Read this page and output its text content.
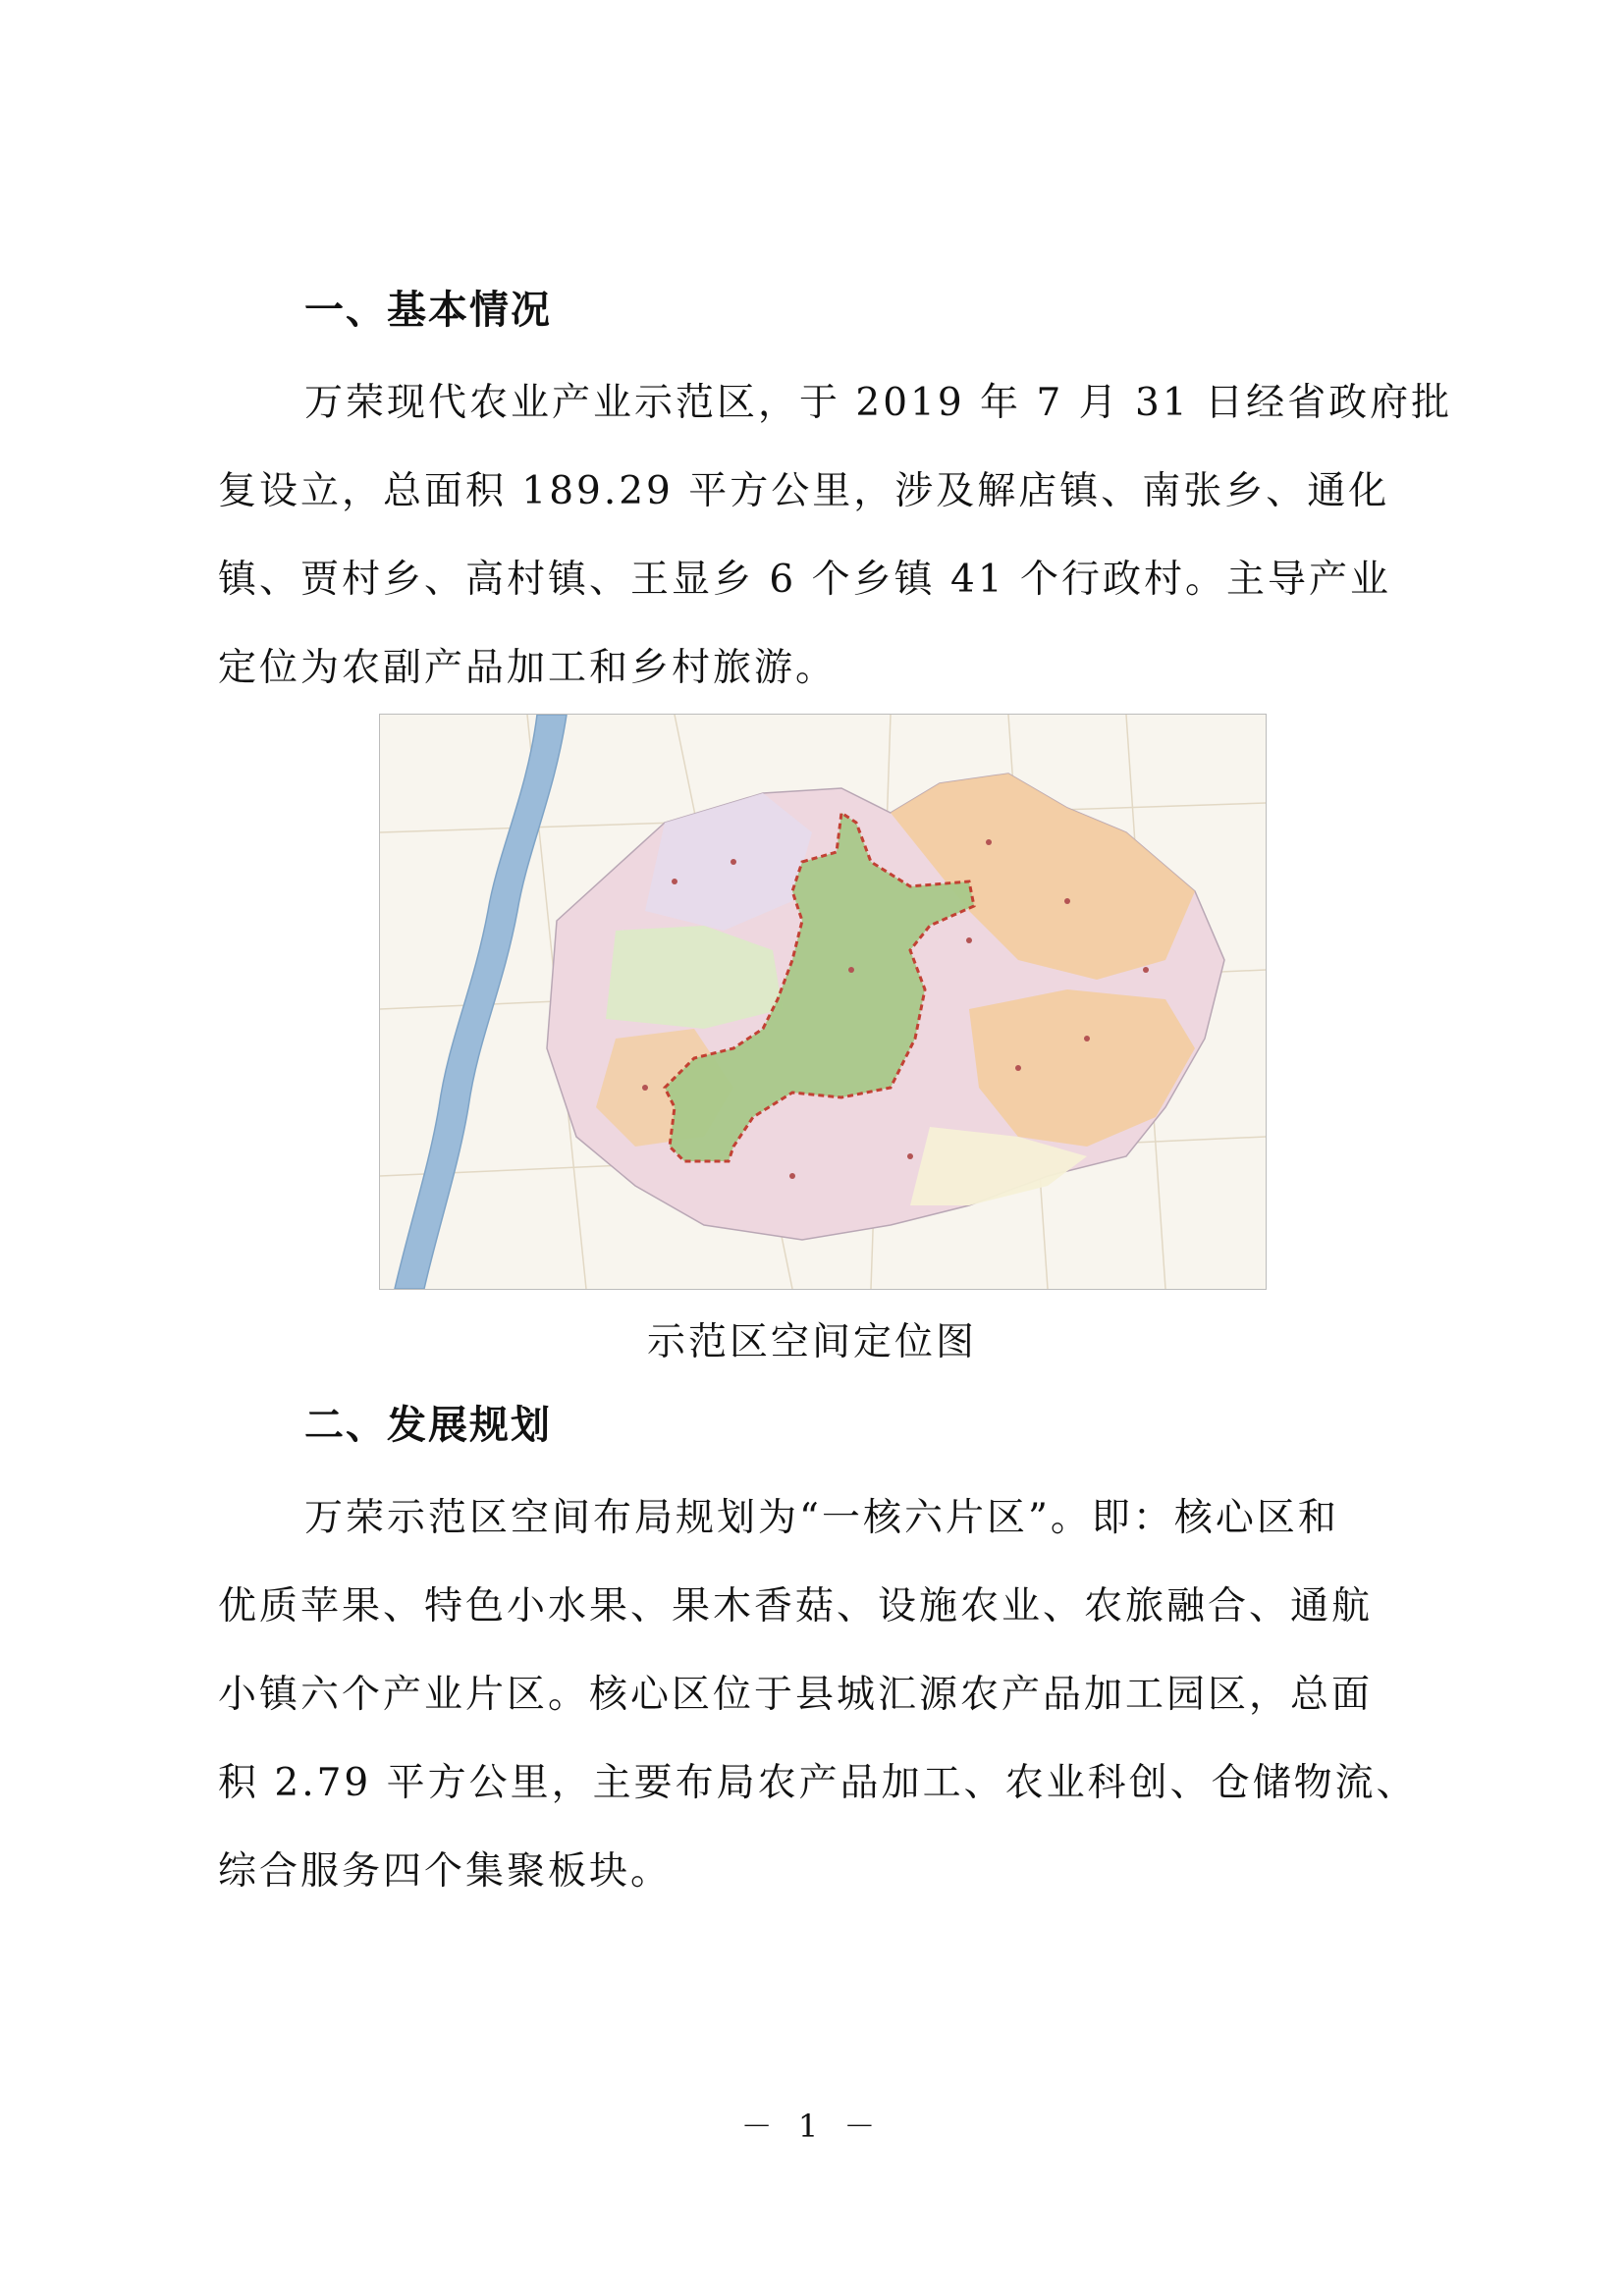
一、基本情况

万荣现代农业产业示范区，于 2019 年 7 月 31 日经省政府批
复设立，总面积 189.29 平方公里，涉及解店镇、南张乡、通化
镇、贾村乡、高村镇、王显乡 6 个乡镇 41 个行政村。主导产业
定位为农副产品加工和乡村旅游。

示范区空间定位图

二、发展规划

万荣示范区空间布局规划为“一核六片区”。即：核心区和
优质苹果、特色小水果、果木香菇、设施农业、农旅融合、通航
小镇六个产业片区。核心区位于县城汇源农产品加工园区，总面
积 2.79 平方公里，主要布局农产品加工、农业科创、仓储物流、
综合服务四个集聚板块。

－ 1 －
